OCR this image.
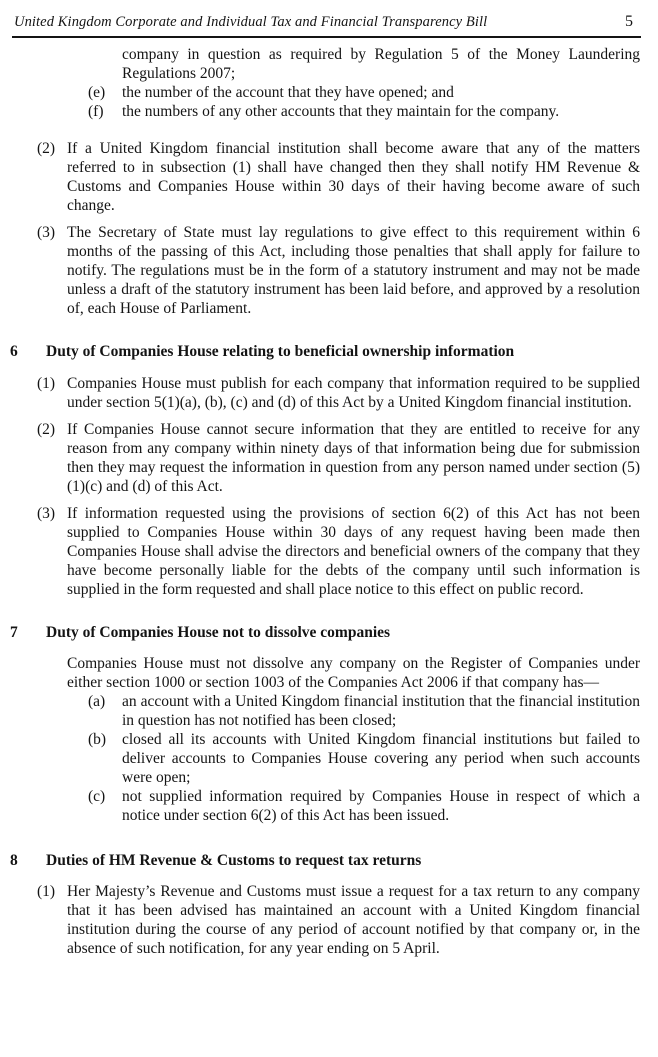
United Kingdom Corporate and Individual Tax and Financial Transparency Bill	5
company in question as required by Regulation 5 of the Money Laundering Regulations 2007;
(e)	the number of the account that they have opened; and
(f)	the numbers of any other accounts that they maintain for the company.
(2) If a United Kingdom financial institution shall become aware that any of the matters referred to in subsection (1) shall have changed then they shall notify HM Revenue & Customs and Companies House within 30 days of their having become aware of such change.
(3) The Secretary of State must lay regulations to give effect to this requirement within 6 months of the passing of this Act, including those penalties that shall apply for failure to notify. The regulations must be in the form of a statutory instrument and may not be made unless a draft of the statutory instrument has been laid before, and approved by a resolution of, each House of Parliament.
6	Duty of Companies House relating to beneficial ownership information
(1) Companies House must publish for each company that information required to be supplied under section 5(1)(a), (b), (c) and (d) of this Act by a United Kingdom financial institution.
(2) If Companies House cannot secure information that they are entitled to receive for any reason from any company within ninety days of that information being due for submission then they may request the information in question from any person named under section (5)(1)(c) and (d) of this Act.
(3) If information requested using the provisions of section 6(2) of this Act has not been supplied to Companies House within 30 days of any request having been made then Companies House shall advise the directors and beneficial owners of the company that they have become personally liable for the debts of the company until such information is supplied in the form requested and shall place notice to this effect on public record.
7	Duty of Companies House not to dissolve companies
Companies House must not dissolve any company on the Register of Companies under either section 1000 or section 1003 of the Companies Act 2006 if that company has—
(a)	an account with a United Kingdom financial institution that the financial institution in question has not notified has been closed;
(b)	closed all its accounts with United Kingdom financial institutions but failed to deliver accounts to Companies House covering any period when such accounts were open;
(c)	not supplied information required by Companies House in respect of which a notice under section 6(2) of this Act has been issued.
8	Duties of HM Revenue & Customs to request tax returns
(1) Her Majesty’s Revenue and Customs must issue a request for a tax return to any company that it has been advised has maintained an account with a United Kingdom financial institution during the course of any period of account notified by that company or, in the absence of such notification, for any year ending on 5 April.
